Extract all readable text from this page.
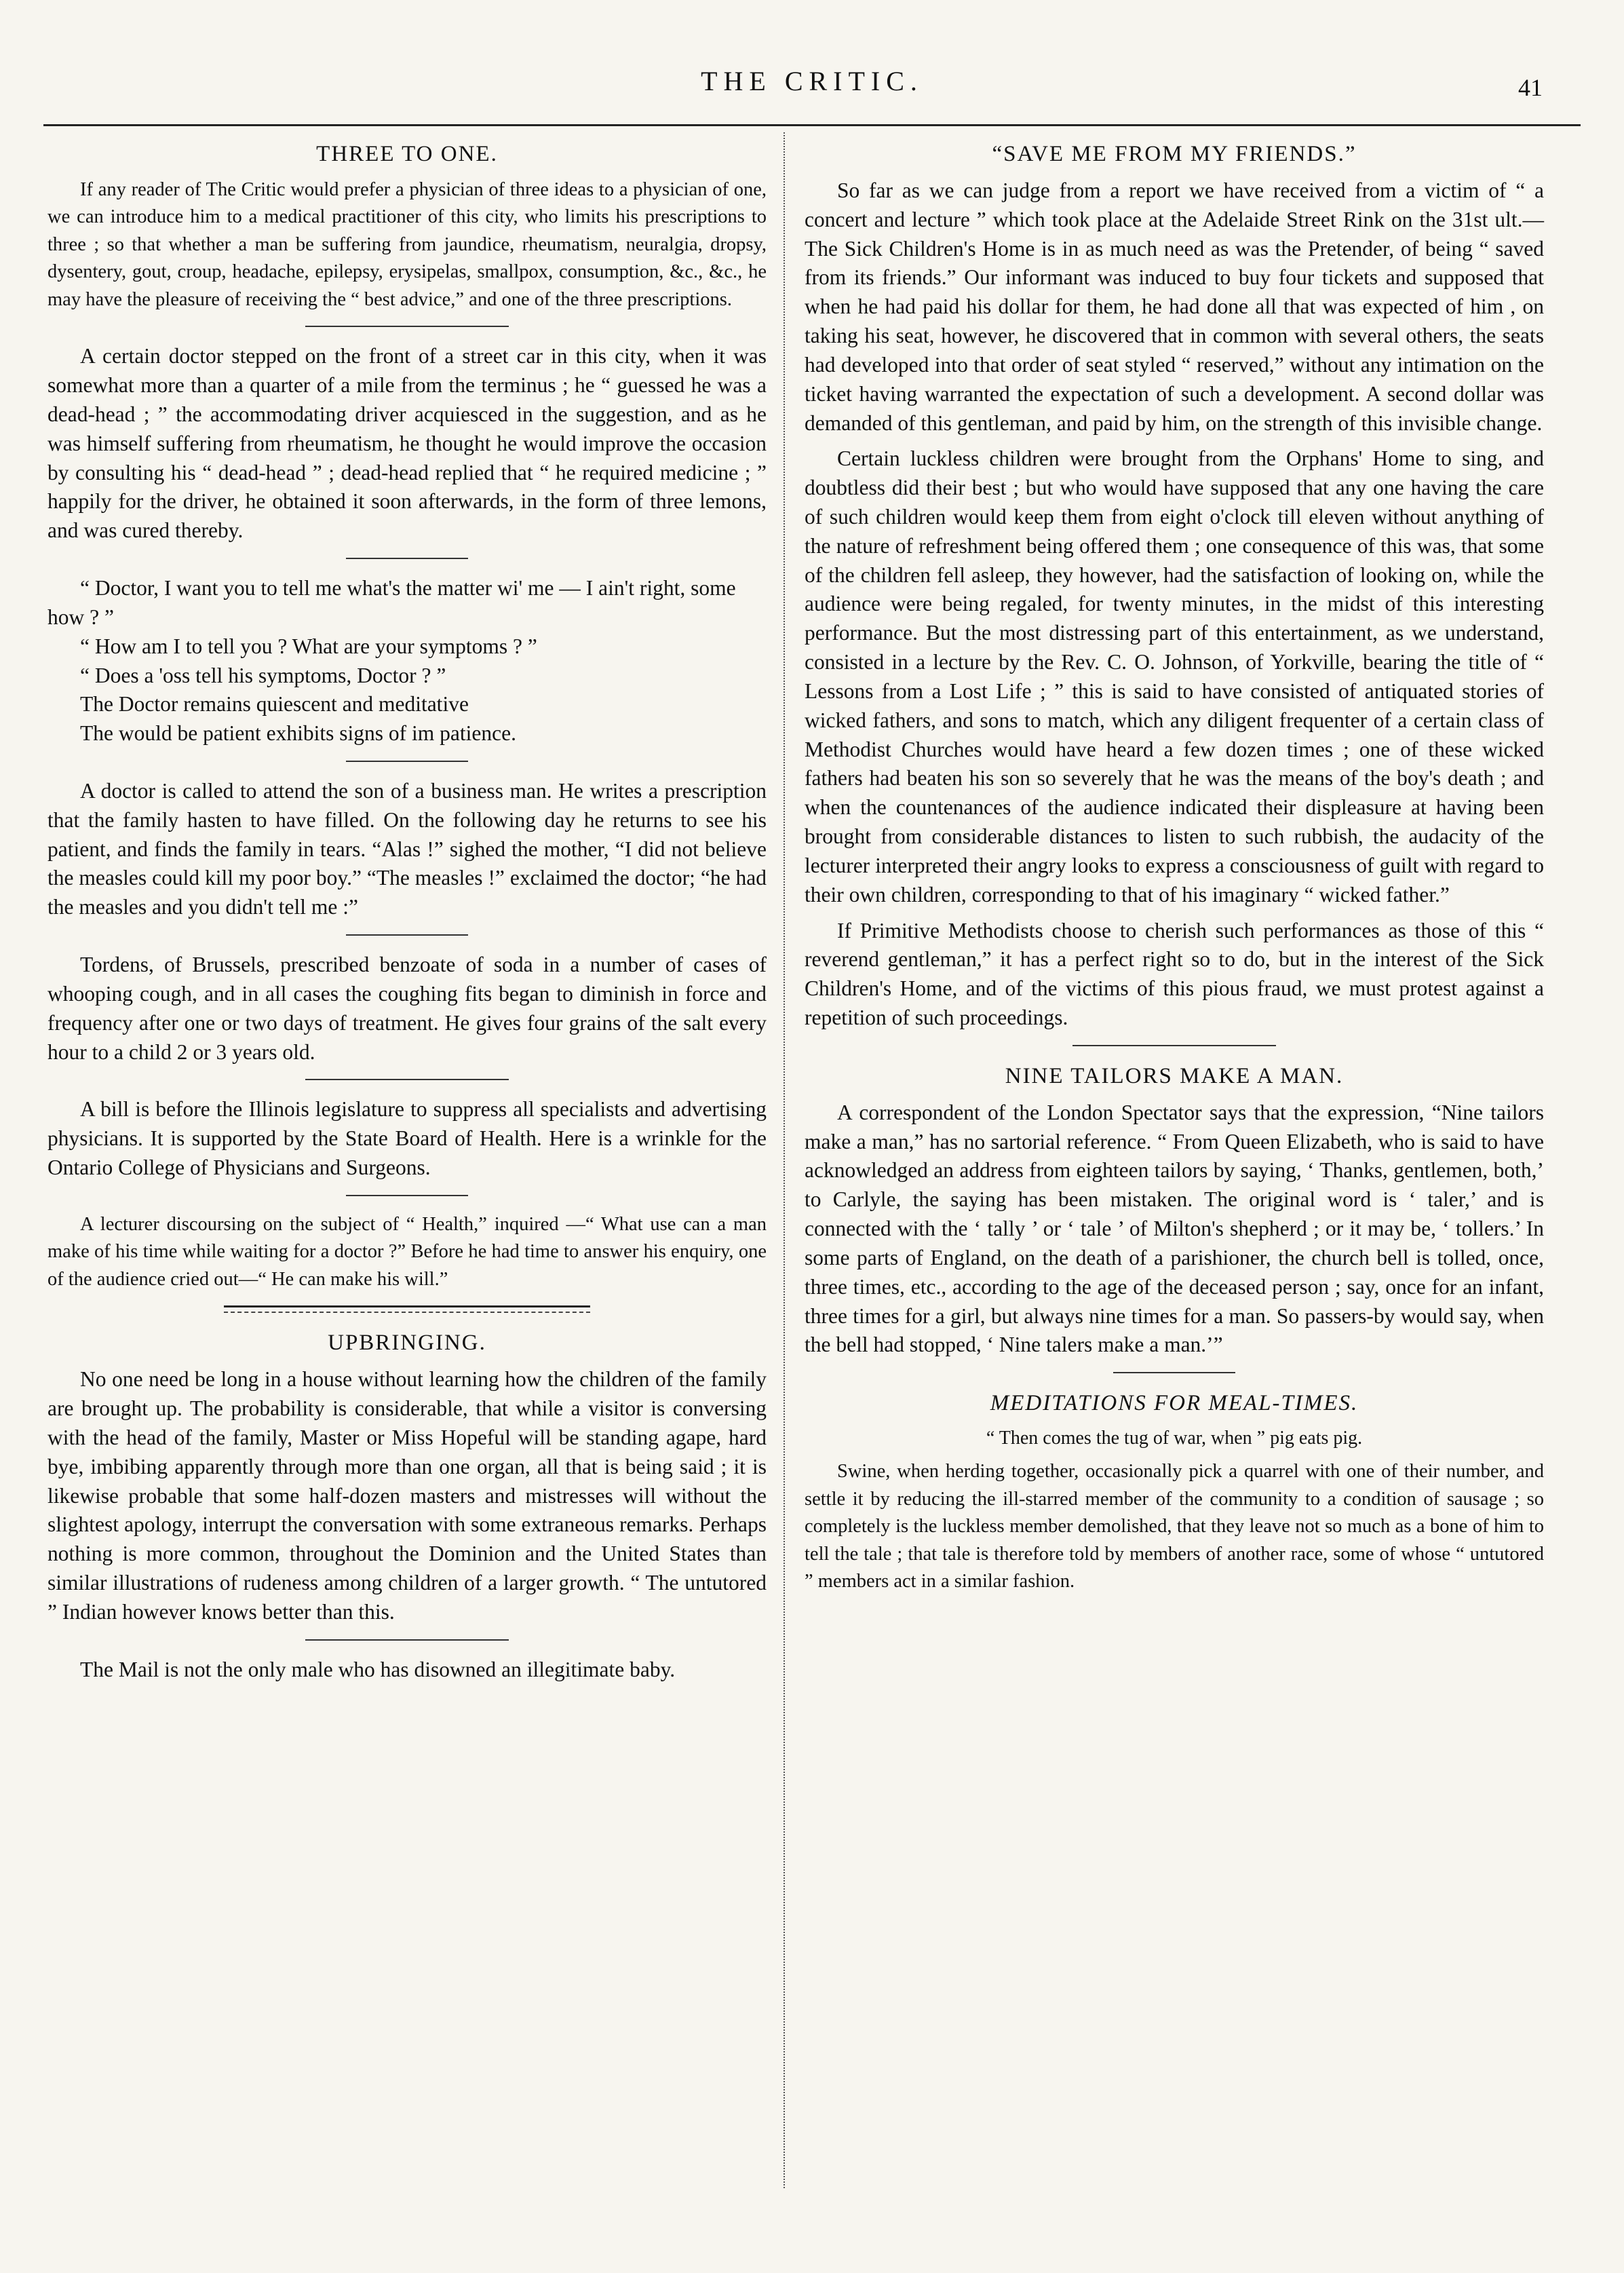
THE CRITIC.	41
THREE TO ONE.

If any reader of The Critic would prefer a physician of three ideas to a physician of one, we can introduce him to a medical practitioner of this city, who limits his prescriptions to three ; so that whether a man be suffering from jaundice, rheumatism, neuralgia, dropsy, dysentery, gout, croup, headache, epilepsy, erysipelas, smallpox, consumption, &c., &c., he may have the pleasure of receiving the “ best advice,” and one of the three prescriptions.

A certain doctor stepped on the front of a street car in this city, when it was somewhat more than a quarter of a mile from the terminus ; he “ guessed he was a dead-head ; ” the accommodating driver acquiesced in the suggestion, and as he was himself suffering from rheumatism, he thought he would improve the occasion by consulting his “ dead-head ” ; dead-head replied that “ he required medicine ; ” happily for the driver, he obtained it soon afterwards, in the form of three lemons, and was cured thereby.

“ Doctor, I want you to tell me what's the matter wi' me — I ain't right, some how ? ”

“ How am I to tell you ? What are your symptoms ? ”

“ Does a 'oss tell his symptoms, Doctor ? ”

The Doctor remains quiescent and meditative

The would be patient exhibits signs of im patience.

A doctor is called to attend the son of a business man. He writes a prescription that the family hasten to have filled. On the following day he returns to see his patient, and finds the family in tears. “Alas !” sighed the mother, “I did not believe the measles could kill my poor boy.” “The measles !” exclaimed the doctor; “he had the measles and you didn't tell me :”

Tordens, of Brussels, prescribed benzoate of soda in a number of cases of whooping cough, and in all cases the coughing fits began to diminish in force and frequency after one or two days of treatment. He gives four grains of the salt every hour to a child 2 or 3 years old.

A bill is before the Illinois legislature to suppress all specialists and advertising physicians. It is supported by the State Board of Health. Here is a wrinkle for the Ontario College of Physicians and Surgeons.

A lecturer discoursing on the subject of “ Health,” inquired —“ What use can a man make of his time while waiting for a doctor ?” Before he had time to answer his enquiry, one of the audience cried out—“ He can make his will.”

UPBRINGING.

No one need be long in a house without learning how the children of the family are brought up. The probability is considerable, that while a visitor is conversing with the head of the family, Master or Miss Hopeful will be standing agape, hard bye, imbibing apparently through more than one organ, all that is being said ; it is likewise probable that some half-dozen masters and mistresses will without the slightest apology, interrupt the conversation with some extraneous remarks. Perhaps nothing is more common, throughout the Dominion and the United States than similar illustrations of rudeness among children of a larger growth. “ The untutored ” Indian however knows better than this.

The Mail is not the only male who has disowned an illegitimate baby.

“SAVE ME FROM MY FRIENDS.”

So far as we can judge from a report we have received from a victim of “ a concert and lecture ” which took place at the Adelaide Street Rink on the 31st ult.—The Sick Children's Home is in as much need as was the Pretender, of being “ saved from its friends.” Our informant was induced to buy four tickets and supposed that when he had paid his dollar for them, he had done all that was expected of him , on taking his seat, however, he discovered that in common with several others, the seats had developed into that order of seat styled “ reserved,” without any intimation on the ticket having warranted the expectation of such a development. A second dollar was demanded of this gentleman, and paid by him, on the strength of this invisible change.

Certain luckless children were brought from the Orphans' Home to sing, and doubtless did their best ; but who would have supposed that any one having the care of such children would keep them from eight o'clock till eleven without anything of the nature of refreshment being offered them ; one consequence of this was, that some of the children fell asleep, they however, had the satisfaction of looking on, while the audience were being regaled, for twenty minutes, in the midst of this interesting performance. But the most distressing part of this entertainment, as we understand, consisted in a lecture by the Rev. C. O. Johnson, of Yorkville, bearing the title of “ Lessons from a Lost Life ; ” this is said to have consisted of antiquated stories of wicked fathers, and sons to match, which any diligent frequenter of a certain class of Methodist Churches would have heard a few dozen times ; one of these wicked fathers had beaten his son so severely that he was the means of the boy's death ; and when the countenances of the audience indicated their displeasure at having been brought from considerable distances to listen to such rubbish, the audacity of the lecturer interpreted their angry looks to express a consciousness of guilt with regard to their own children, corresponding to that of his imaginary “ wicked father.”

If Primitive Methodists choose to cherish such performances as those of this “ reverend gentleman,” it has a perfect right so to do, but in the interest of the Sick Children's Home, and of the victims of this pious fraud, we must protest against a repetition of such proceedings.

NINE TAILORS MAKE A MAN.

A correspondent of the London Spectator says that the expression, “Nine tailors make a man,” has no sartorial reference. “ From Queen Elizabeth, who is said to have acknowledged an address from eighteen tailors by saying, ‘ Thanks, gentlemen, both,’ to Carlyle, the saying has been mistaken. The original word is ‘ taler,’ and is connected with the ‘ tally ’ or ‘ tale ’ of Milton's shepherd ; or it may be, ‘ tollers.’ In some parts of England, on the death of a parishioner, the church bell is tolled, once, three times, etc., according to the age of the deceased person ; say, once for an infant, three times for a girl, but always nine times for a man. So passers-by would say, when the bell had stopped, ‘ Nine talers make a man.’”

MEDITATIONS FOR MEAL-TIMES.

“ Then comes the tug of war, when ” pig eats pig.

Swine, when herding together, occasionally pick a quarrel with one of their number, and settle it by reducing the ill-starred member of the community to a condition of sausage ; so completely is the luckless member demolished, that they leave not so much as a bone of him to tell the tale ; that tale is therefore told by members of another race, some of whose “ untutored ” members act in a similar fashion.
